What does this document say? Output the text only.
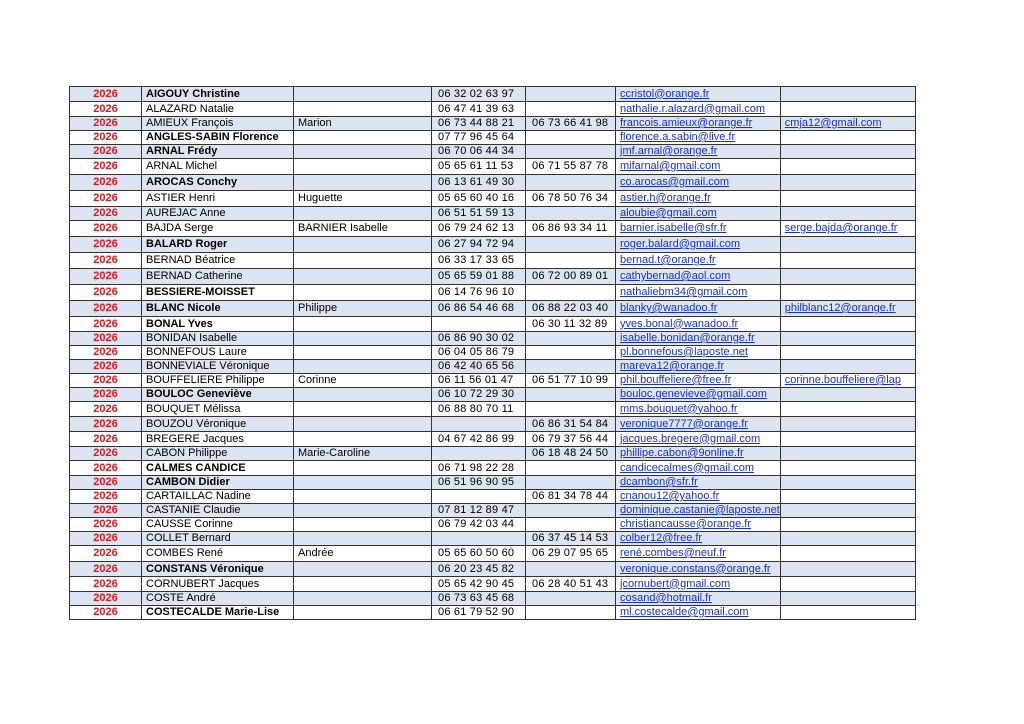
2026	AIGOUY Christine		06 32 02 63 97		ccristol@orange.fr	
2026	ALAZARD Natalie		06 47 41 39 63		nathalie.r.alazard@gmail.com	
2026	AMIEUX François	Marion	06 73 44 88 21	06 73 66 41 98	francois.amieux@orange.fr	cmja12@gmail.com
2026	ANGLES-SABIN Florence		07 77 96 45 64		florence.a.sabin@live.fr	
2026	ARNAL Frédy		06 70 06 44 34		jmf.arnal@orange.fr	
2026	ARNAL Michel		05 65 61 11 53	06 71 55 87 78	mifarnal@gmail.com	
2026	AROCAS Conchy		06 13 61 49 30		co.arocas@gmail.com	
2026	ASTIER Henri	Huguette	05 65 60 40 16	06 78 50 76 34	astier.h@orange.fr	
2026	AUREJAC Anne		06 51 51 59 13		aloubie@gmail.com	
2026	BAJDA Serge	BARNIER Isabelle	06 79 24 62 13	06 86 93 34 11	barnier.isabelle@sfr.fr	serge.bajda@orange.fr
2026	BALARD Roger		06 27 94 72 94		roger.balard@gmail.com	
2026	BERNAD Béatrice		06 33 17 33 65		bernad.t@orange.fr	
2026	BERNAD Catherine		05 65 59 01 88	06 72 00 89 01	cathybernad@aol.com	
2026	BESSIERE-MOISSET		06 14 76 96 10		nathaliebm34@gmail.com	
2026	BLANC Nicole	Philippe	06 86 54 46 68	06 88 22 03 40	blanky@wanadoo.fr	philblanc12@orange.fr
2026	BONAL Yves			06 30 11 32 89	yves.bonal@wanadoo.fr	
2026	BONIDAN Isabelle		06 86 90 30 02		isabelle.bonidan@orange.fr	
2026	BONNEFOUS Laure		06 04 05 86 79		pl.bonnefous@laposte.net	
2026	BONNEVIALE Véronique		06 42 40 65 56		mareva12@orange.fr	
2026	BOUFFELIERE Philippe	Corinne	06 11 56 01 47	06 51 77 10 99	phil.bouffeliere@free.fr	corinne.bouffeliere@lap
2026	BOULOC Geneviève		06 10 72 29 30		bouloc.genevieve@gmail.com	
2026	BOUQUET Mélissa		06 88 80 70 11		mms.bouquet@yahoo.fr	
2026	BOUZOU Véronique			06 86 31 54 84	veronique7777@orange.fr	
2026	BREGERE Jacques		04 67 42 86 99	06 79 37 56 44	jacques.bregere@gmail.com	
2026	CABON Philippe	Marie-Caroline		06 18 48 24 50	phillipe.cabon@9online.fr	
2026	CALMES CANDICE		06 71 98 22 28		candicecalmes@gmail.com	
2026	CAMBON Didier		06 51 96 90 95		dcambon@sfr.fr	
2026	CARTAILLAC Nadine			06 81 34 78 44	cnanou12@yahoo.fr	
2026	CASTANIE Claudie		07 81 12 89 47		dominique.castanie@laposte.net	
2026	CAUSSE Corinne		06 79 42 03 44		christiancausse@orange.fr	
2026	COLLET Bernard			06 37 45 14 53	colber12@free.fr	
2026	COMBES René	Andrée	05 65 60 50 60	06 29 07 95 65	rené.combes@neuf.fr	
2026	CONSTANS Véronique		06 20 23 45 82		veronique.constans@orange.fr	
2026	CORNUBERT Jacques		05 65 42 90 45	06 28 40 51 43	jcornubert@gmail.com	
2026	COSTE André		06 73 63 45 68		cosand@hotmail.fr	
2026	COSTECALDE Marie-Lise		06 61 79 52 90		ml.costecalde@gmail.com	
